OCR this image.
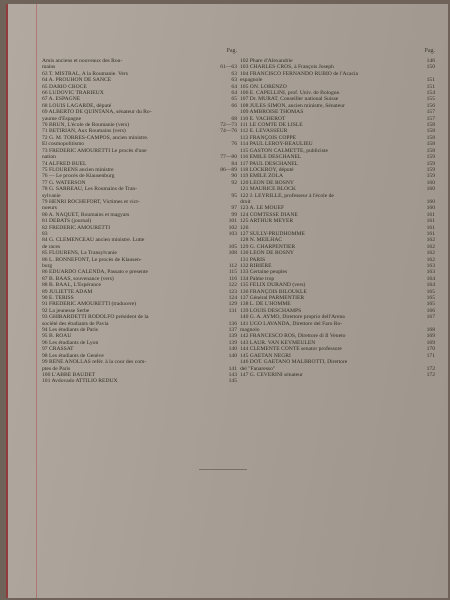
Pag.
Amis anciens et nouveaux des Rou-
mains	61—63
63 T. MISTRAL, A la Roumanie. Vers	63
64 A. PROUHON DE SANCE	63
65 DARIO CROCE	64
66 LUDOVIC TRARIEUX	64
67 A. ESPAGNE	65
68 LOUIS LAGARDE, député	66
69 ALBERTO DE QUINTANA, sénateur du Ro-
yaume d'Espagne	68
70 BRUN, L'école de Roumanie (vers)	72—73
71 BETIRIAN, Aux Roumains (vers)	74—76
72 G. M. TORRES-CAMPOS, ancien ministre.
El cosmopolitismo	76
73 FREDERIC AMOURETTI Le procès d'une
nation	77—80
74 ALFRED BUEL	84
75 FLOURENS ancien ministre	86—89
76 — Le procès de Klausenburg	90
77 G. WATERSON	92
78 G. SARREAU, Les Roumains de Tran-
sylvanie	95
79 HENRI ROCHEFORT, Victimes et vict-
noeurs	97
80 A. NAQUET, Roumains et magyars	99
81 DEBATS (journal)	101
82 FREDERIC AMOURETTI	102
83	103
84 G. CLEMENCEAU ancien ministre. Lutte
de races	105
85 FLOURENS, La Transylvanie	108
86 L. BONNEFONT, Le procès de Klausen-
burg	112
86 EDUARDO CALENDA, Passato e presente	115
87 B. BAAS, souvenance (vers)	116
88 B. BAAL, L'Espérance	122
89 JULIETTE ADAM	123
90 E. TERISS	124
91 FREDERIC AMOURETTI (traducere)	129
92 La jeunesse Serbe	131
93 GHIRARDETTI RODOLFO président de la
société des étudiants de Pavia	136
94 Les étudiants de Paris	137
95 B. ROAU	139
96 Les étudiants de Lyon	139
97 CRASSAT	140
98 Les étudiants de Genève	140
99 RÉNÉ ANOLLAS refér. à la cour des com-
ptes de Paris	141
100 L'ABBÉ BAUDET	143
101 Avdovado ATTILIO REDUX	145
Pag.
102 Phare d'Alexandrie	146
103 CHARLES CROS, à François Joseph	150
104 FRANCISCO FERNANDO RUBIO de l'Acacia
espagnole	151
105 ON. LORENZO	151
106 E. CAPELLINI, prof. Univ. de Bologne.	154
107 Dr. MURAT, Conseiller national Suisse	155
108 JULES SIMON, ancien ministre, Sénateur	156
109 AMBROISE THOMAS	157
110 E. VACHEROT	157
111 LE COMTE DE LISLE	158
112 E. LEVASSEUR	158
113 FRANÇOIS COPPÉ	158
114 PAUL LEROY-BEAULIEU	158
115 GASTON CALMETTE, publiciste	158
116 EMILE DESCHANEL	159
117 PAUL DESCHANEL	159
118 LOCKROY, député	159
119 EMILE ZOLA	159
120 LEON DE ROSNY	160
121 MAURICE BLOCK	160
122 J. LEYRILLÉ, professeur à l'école de
droit	160
123 A. LE MOUEF	160
124 COMTESSE DIANE	161
125 ARTHUR MEYER	161
126	161
127 SULLY-PRUDHOMME	161
128 N. MEILHAC	162
129 G. CHARPENTIER	162
130 LEON DE ROSNY	162
131 PARIS	162
132 RIBIÈRE	163
133 Certaine peuples	163
134 Palme trop	164
135 FÉLIX DURAND (vers)	164
136 FRANÇOIS BILOUKLE	165
137 Général PARMENTIER	165
138 L. DE L'HOMME	165
139 LOUIS DESCHAMPS	166
140 G. A. AYMO, Direttore proprio dell'Arena	167
141 UGO LAVANDA, Direttore del Faro Ro-
magnolo	168
142 FRANCESCO ROS, Direttore di Il Veneto	169
143 LAUR. VAN KEYMEULEN	169
144 CLEMENTE CONTE senator professore	170
145 GAETAN NEGRI	171
146 DOT. GAETANO MALBROTTI, Direttore
del "Fanaresso"	172
147 G. CEVERINI sénateur	172
